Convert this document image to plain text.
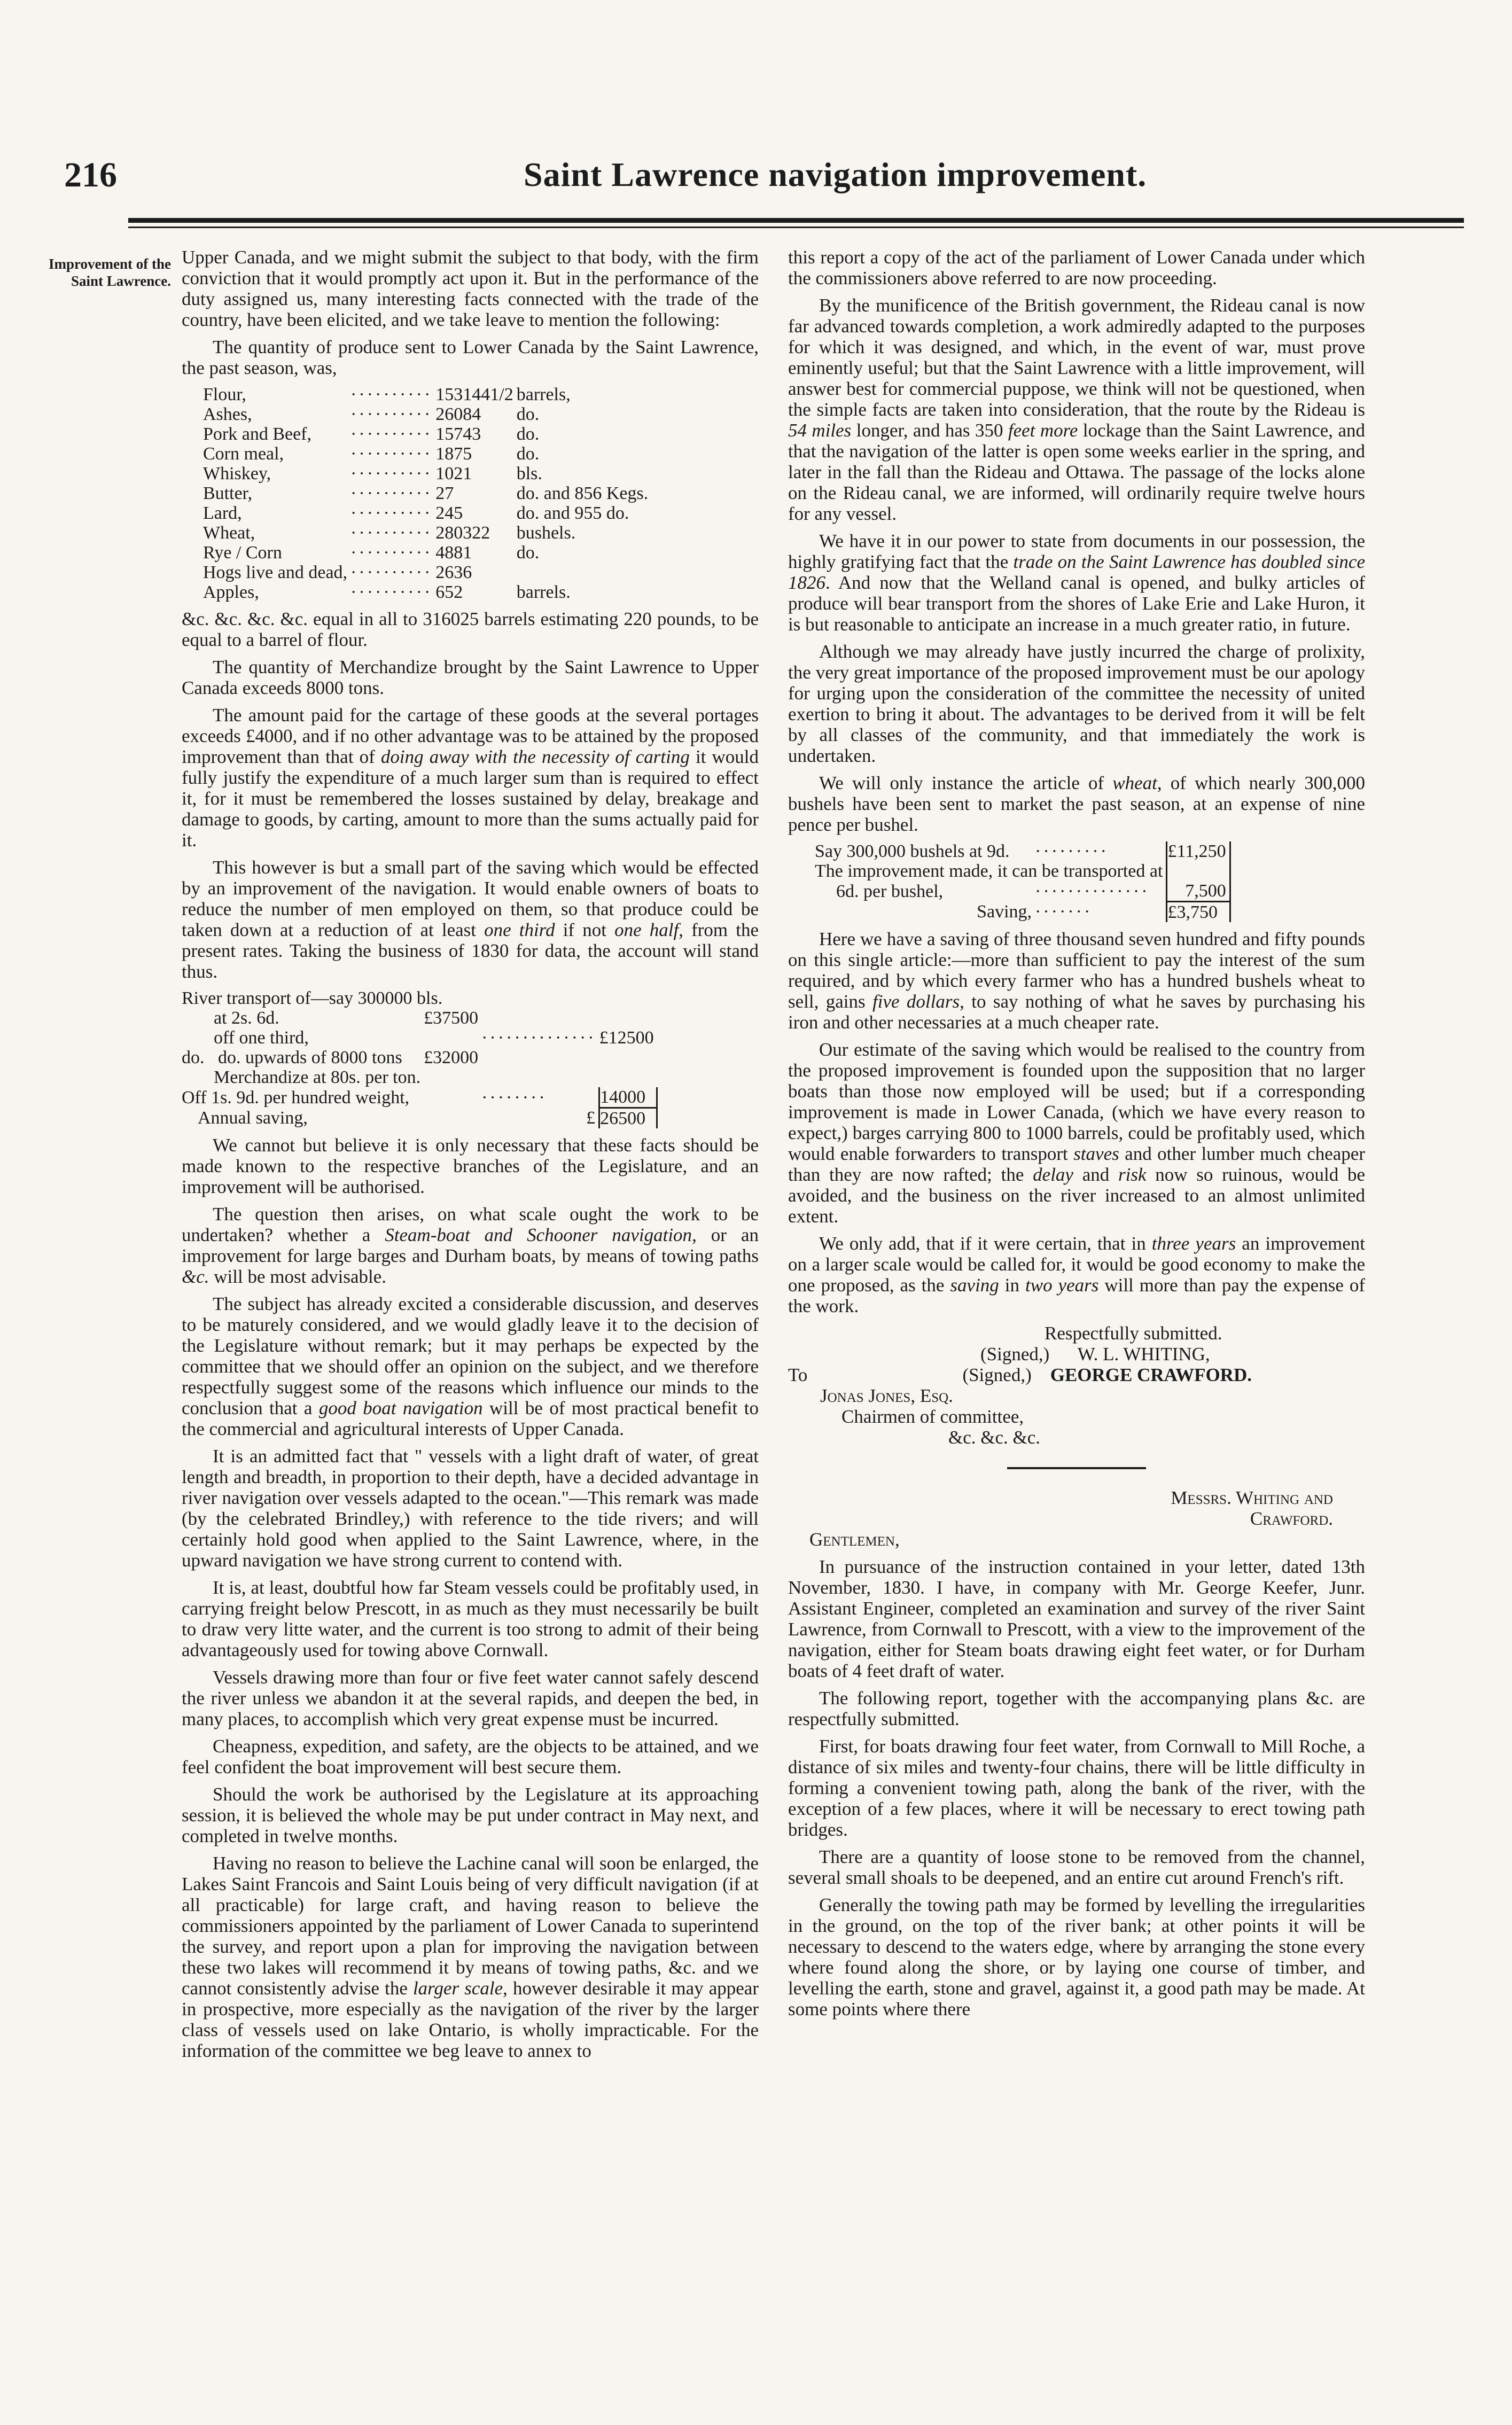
216	Saint Lawrence navigation improvement.
Improvement of the Saint Lawrence.

Upper Canada, and we might submit the subject to that body, with the firm conviction that it would promptly act upon it. But in the performance of the duty assigned us, many interesting facts connected with the trade of the country, have been elicited, and we take leave to mention the following:

The quantity of produce sent to Lower Canada by the Saint Lawrence, the past season, was,

Flour,	··········	1531441/2	barrels,
Ashes,	··········	26084	do.
Pork and Beef,	··········	15743	do.
Corn meal,	··········	1875	do.
Whiskey,	··········	1021	bls.
Butter,	··········	27	do. and 856 Kegs.
Lard,	··········	245	do. and 955 do.
Wheat,	··········	280322	bushels.
Rye / Corn	··········	4881	do.
Hogs live and dead,	··········	2636	
Apples,	··········	652	barrels.

&c. &c. &c. &c. equal in all to 316025 barrels estimating 220 pounds, to be equal to a barrel of flour.

The quantity of Merchandize brought by the Saint Lawrence to Upper Canada exceeds 8000 tons.

The amount paid for the cartage of these goods at the several portages exceeds £4000, and if no other advantage was to be attained by the proposed improvement than that of doing away with the necessity of carting it would fully justify the expenditure of a much larger sum than is required to effect it, for it must be remembered the losses sustained by delay, breakage and damage to goods, by carting, amount to more than the sums actually paid for it.

This however is but a small part of the saving which would be effected by an improvement of the navigation. It would enable owners of boats to reduce the number of men employed on them, so that produce could be taken down at a reduction of at least one third if not one half, from the present rates. Taking the business of 1830 for data, the account will stand thus.

River transport of—say 300000 bls.			
at 2s. 6d.	£37500		
off one third,		··············	£12500
do. do. upwards of 8000 tons	£32000		
Merchandize at 80s. per ton.			
Off 1s. 9d. per hundred weight,		········	14000
Annual saving,		£	26500

We cannot but believe it is only necessary that these facts should be made known to the respective branches of the Legislature, and an improvement will be authorised.

The question then arises, on what scale ought the work to be undertaken? whether a Steam-boat and Schooner navigation, or an improvement for large barges and Durham boats, by means of towing paths &c. will be most advisable.

The subject has already excited a considerable discussion, and deserves to be maturely considered, and we would gladly leave it to the decision of the Legislature without remark; but it may perhaps be expected by the committee that we should offer an opinion on the subject, and we therefore respectfully suggest some of the reasons which influence our minds to the conclusion that a good boat navigation will be of most practical benefit to the commercial and agricultural interests of Upper Canada.

It is an admitted fact that " vessels with a light draft of water, of great length and breadth, in proportion to their depth, have a decided advantage in river navigation over vessels adapted to the ocean."—This remark was made (by the celebrated Brindley,) with reference to the tide rivers; and will certainly hold good when applied to the Saint Lawrence, where, in the upward navigation we have strong current to contend with.

It is, at least, doubtful how far Steam vessels could be profitably used, in carrying freight below Prescott, in as much as they must necessarily be built to draw very litte water, and the current is too strong to admit of their being advantageously used for towing above Cornwall.

Vessels drawing more than four or five feet water cannot safely descend the river unless we abandon it at the several rapids, and deepen the bed, in many places, to accomplish which very great expense must be incurred.

Cheapness, expedition, and safety, are the objects to be attained, and we feel confident the boat improvement will best secure them.

Should the work be authorised by the Legislature at its approaching session, it is believed the whole may be put under contract in May next, and completed in twelve months.

Having no reason to believe the Lachine canal will soon be enlarged, the Lakes Saint Francois and Saint Louis being of very difficult navigation (if at all practicable) for large craft, and having reason to believe the commissioners appointed by the parliament of Lower Canada to superintend the survey, and report upon a plan for improving the navigation between these two lakes will recommend it by means of towing paths, &c. and we cannot consistently advise the larger scale, however desirable it may appear in prospective, more especially as the navigation of the river by the larger class of vessels used on lake Ontario, is wholly impracticable. For the information of the committee we beg leave to annex to

this report a copy of the act of the parliament of Lower Canada under which the commissioners above referred to are now proceeding.

By the munificence of the British government, the Rideau canal is now far advanced towards completion, a work admiredly adapted to the purposes for which it was designed, and which, in the event of war, must prove eminently useful; but that the Saint Lawrence with a little improvement, will answer best for commercial puppose, we think will not be questioned, when the simple facts are taken into consideration, that the route by the Rideau is 54 miles longer, and has 350 feet more lockage than the Saint Lawrence, and that the navigation of the latter is open some weeks earlier in the spring, and later in the fall than the Rideau and Ottawa. The passage of the locks alone on the Rideau canal, we are informed, will ordinarily require twelve hours for any vessel.

We have it in our power to state from documents in our possession, the highly gratifying fact that the trade on the Saint Lawrence has doubled since 1826. And now that the Welland canal is opened, and bulky articles of produce will bear transport from the shores of Lake Erie and Lake Huron, it is but reasonable to anticipate an increase in a much greater ratio, in future.

Although we may already have justly incurred the charge of prolixity, the very great importance of the proposed improvement must be our apology for urging upon the consideration of the committee the necessity of united exertion to bring it about. The advantages to be derived from it will be felt by all classes of the community, and that immediately the work is undertaken.

We will only instance the article of wheat, of which nearly 300,000 bushels have been sent to market the past season, at an expense of nine pence per bushel.

Say 300,000 bushels at 9d.	·········	£11,250
The improvement made, it can be transported at		
6d. per bushel,	··············	7,500
Saving,	·······	£3,750

Here we have a saving of three thousand seven hundred and fifty pounds on this single article:—more than sufficient to pay the interest of the sum required, and by which every farmer who has a hundred bushels wheat to sell, gains five dollars, to say nothing of what he saves by purchasing his iron and other necessaries at a much cheaper rate.

Our estimate of the saving which would be realised to the country from the proposed improvement is founded upon the supposition that no larger boats than those now employed will be used; but if a corresponding improvement is made in Lower Canada, (which we have every reason to expect,) barges carrying 800 to 1000 barrels, could be profitably used, which would enable forwarders to transport staves and other lumber much cheaper than they are now rafted; the delay and risk now so ruinous, would be avoided, and the business on the river increased to an almost unlimited extent.

We only add, that if it were certain, that in three years an improvement on a larger scale would be called for, it would be good economy to make the one proposed, as the saving in two years will more than pay the expense of the work.

Respectfully submitted.
(Signed,) W. L. WHITING,
To	(Signed,) GEORGE CRAWFORD.
Jonas Jones, Esq.
Chairmen of committee,
&c. &c. &c.
Messrs. Whiting and
Crawford.

Gentlemen,

In pursuance of the instruction contained in your letter, dated 13th November, 1830. I have, in company with Mr. George Keefer, Junr. Assistant Engineer, completed an examination and survey of the river Saint Lawrence, from Cornwall to Prescott, with a view to the improvement of the navigation, either for Steam boats drawing eight feet water, or for Durham boats of 4 feet draft of water.

The following report, together with the accompanying plans &c. are respectfully submitted.

First, for boats drawing four feet water, from Cornwall to Mill Roche, a distance of six miles and twenty-four chains, there will be little difficulty in forming a convenient towing path, along the bank of the river, with the exception of a few places, where it will be necessary to erect towing path bridges.

There are a quantity of loose stone to be removed from the channel, several small shoals to be deepened, and an entire cut around French's rift.

Generally the towing path may be formed by levelling the irregularities in the ground, on the top of the river bank; at other points it will be necessary to descend to the waters edge, where by arranging the stone every where found along the shore, or by laying one course of timber, and levelling the earth, stone and gravel, against it, a good path may be made. At some points where there
